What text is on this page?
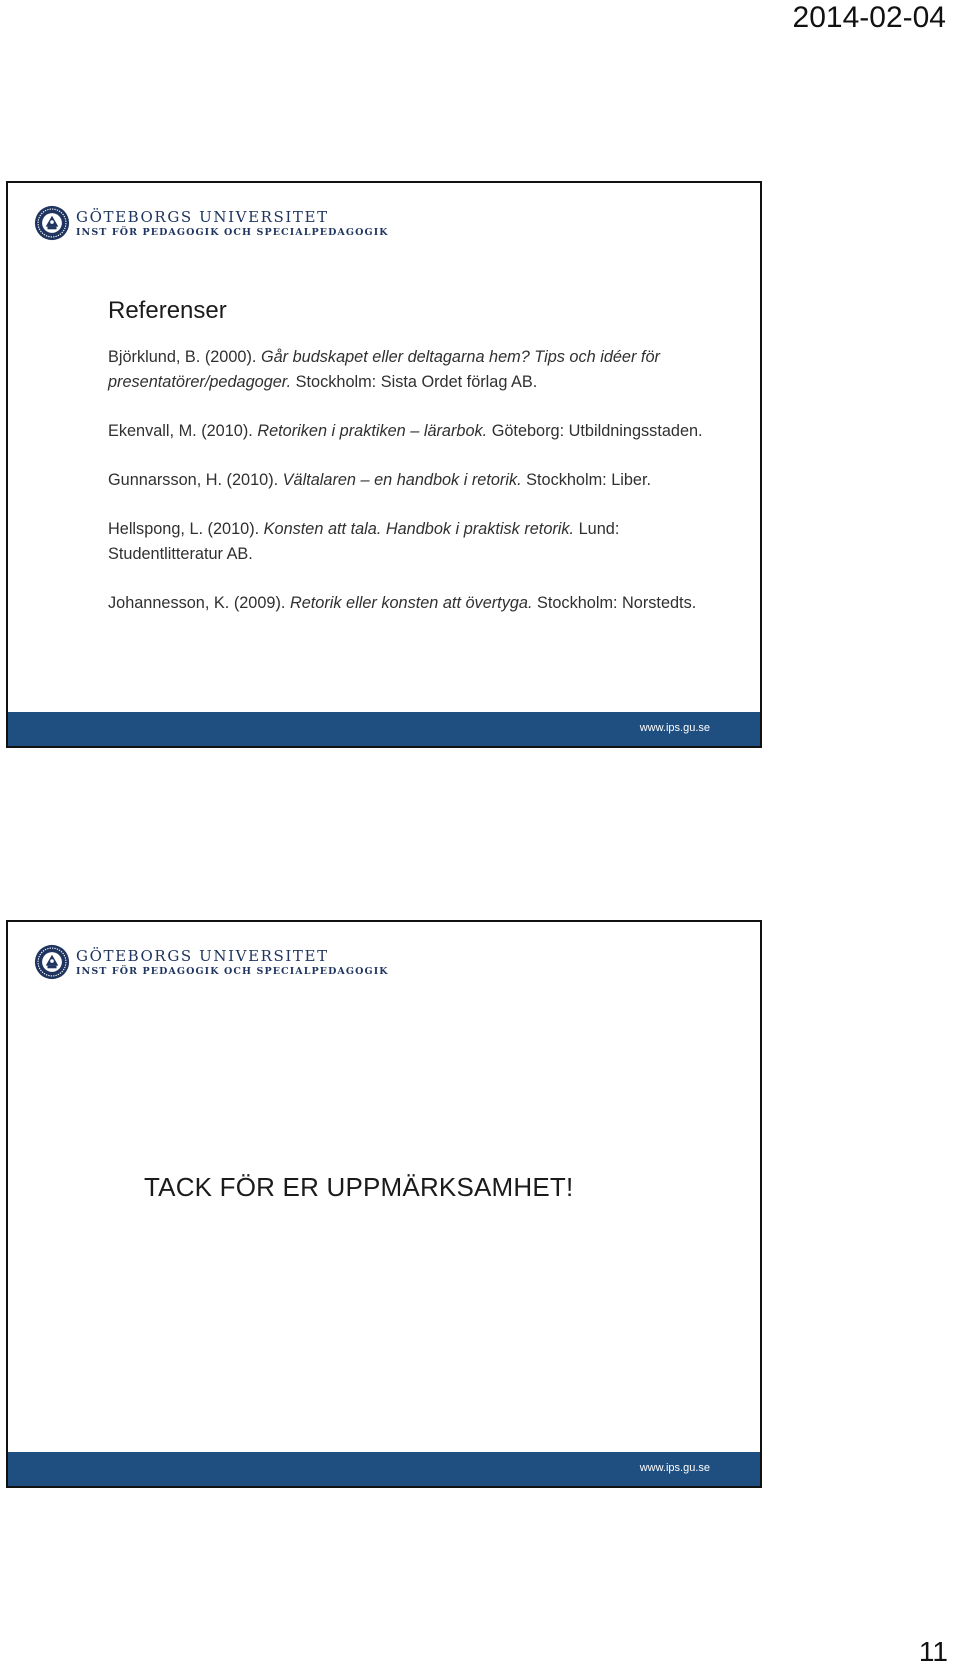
2014-02-04
GÖTEBORGS UNIVERSITET
INST FÖR PEDAGOGIK OCH SPECIALPEDAGOGIK
Referenser
Björklund, B. (2000). Går budskapet eller deltagarna hem? Tips och idéer för presentatörer/pedagoger. Stockholm: Sista Ordet förlag AB.
Ekenvall, M. (2010). Retoriken i praktiken – lärarbok. Göteborg: Utbildningsstaden.
Gunnarsson, H. (2010). Vältalaren – en handbok i retorik. Stockholm: Liber.
Hellspong, L. (2010). Konsten att tala. Handbok i praktisk retorik. Lund: Studentlitteratur AB.
Johannesson, K. (2009). Retorik eller konsten att övertyga. Stockholm: Norstedts.
www.ips.gu.se
GÖTEBORGS UNIVERSITET
INST FÖR PEDAGOGIK OCH SPECIALPEDAGOGIK
TACK FÖR ER UPPMÄRKSAMHET!
www.ips.gu.se
11
